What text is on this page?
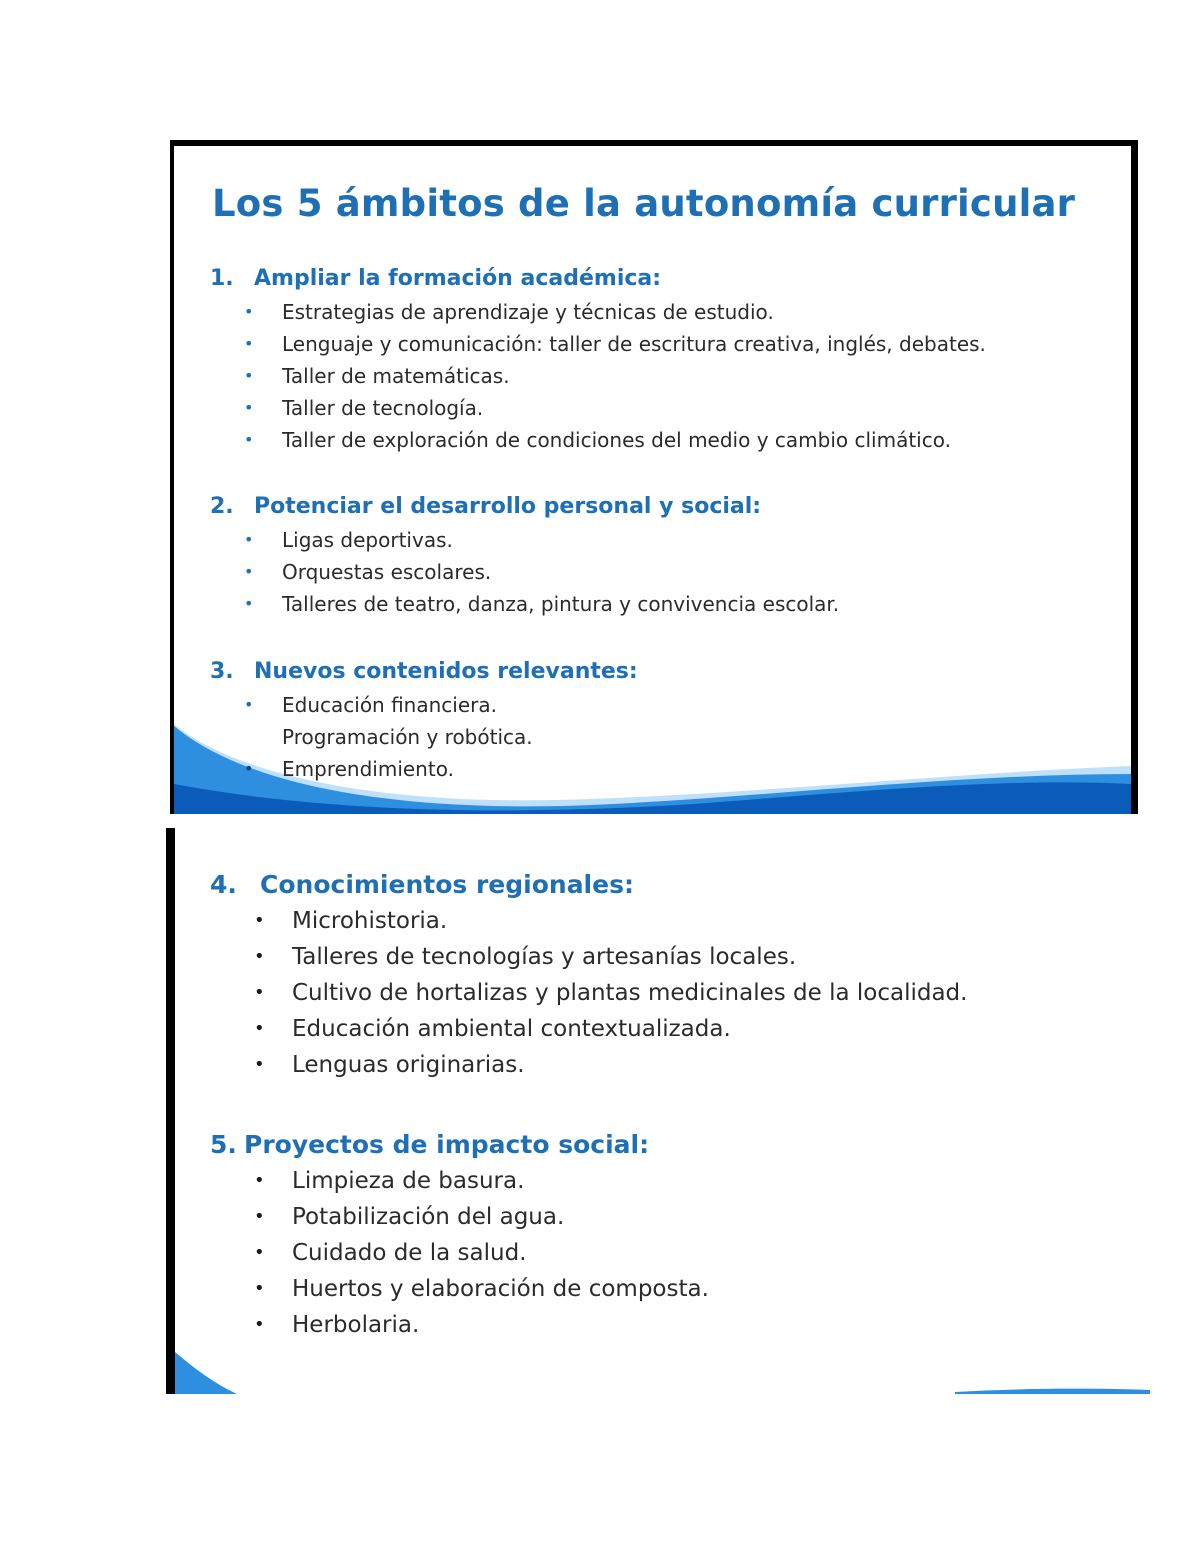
Los 5 ámbitos de la autonomía curricular
1. Ampliar la formación académica:
• Estrategias de aprendizaje y técnicas de estudio.
• Lenguaje y comunicación: taller de escritura creativa, inglés, debates.
• Taller de matemáticas.
• Taller de tecnología.
• Taller de exploración de condiciones del medio y cambio climático.
2. Potenciar el desarrollo personal y social:
• Ligas deportivas.
• Orquestas escolares.
• Talleres de teatro, danza, pintura y convivencia escolar.
3. Nuevos contenidos relevantes:
• Educación financiera.
• Programación y robótica.
• Emprendimiento.
4. Conocimientos regionales:
• Microhistoria.
• Talleres de tecnologías y artesanías locales.
• Cultivo de hortalizas y plantas medicinales de la localidad.
• Educación ambiental contextualizada.
• Lenguas originarias.
5. Proyectos de impacto social:
• Limpieza de basura.
• Potabilización del agua.
• Cuidado de la salud.
• Huertos y elaboración de composta.
• Herbolaria.
